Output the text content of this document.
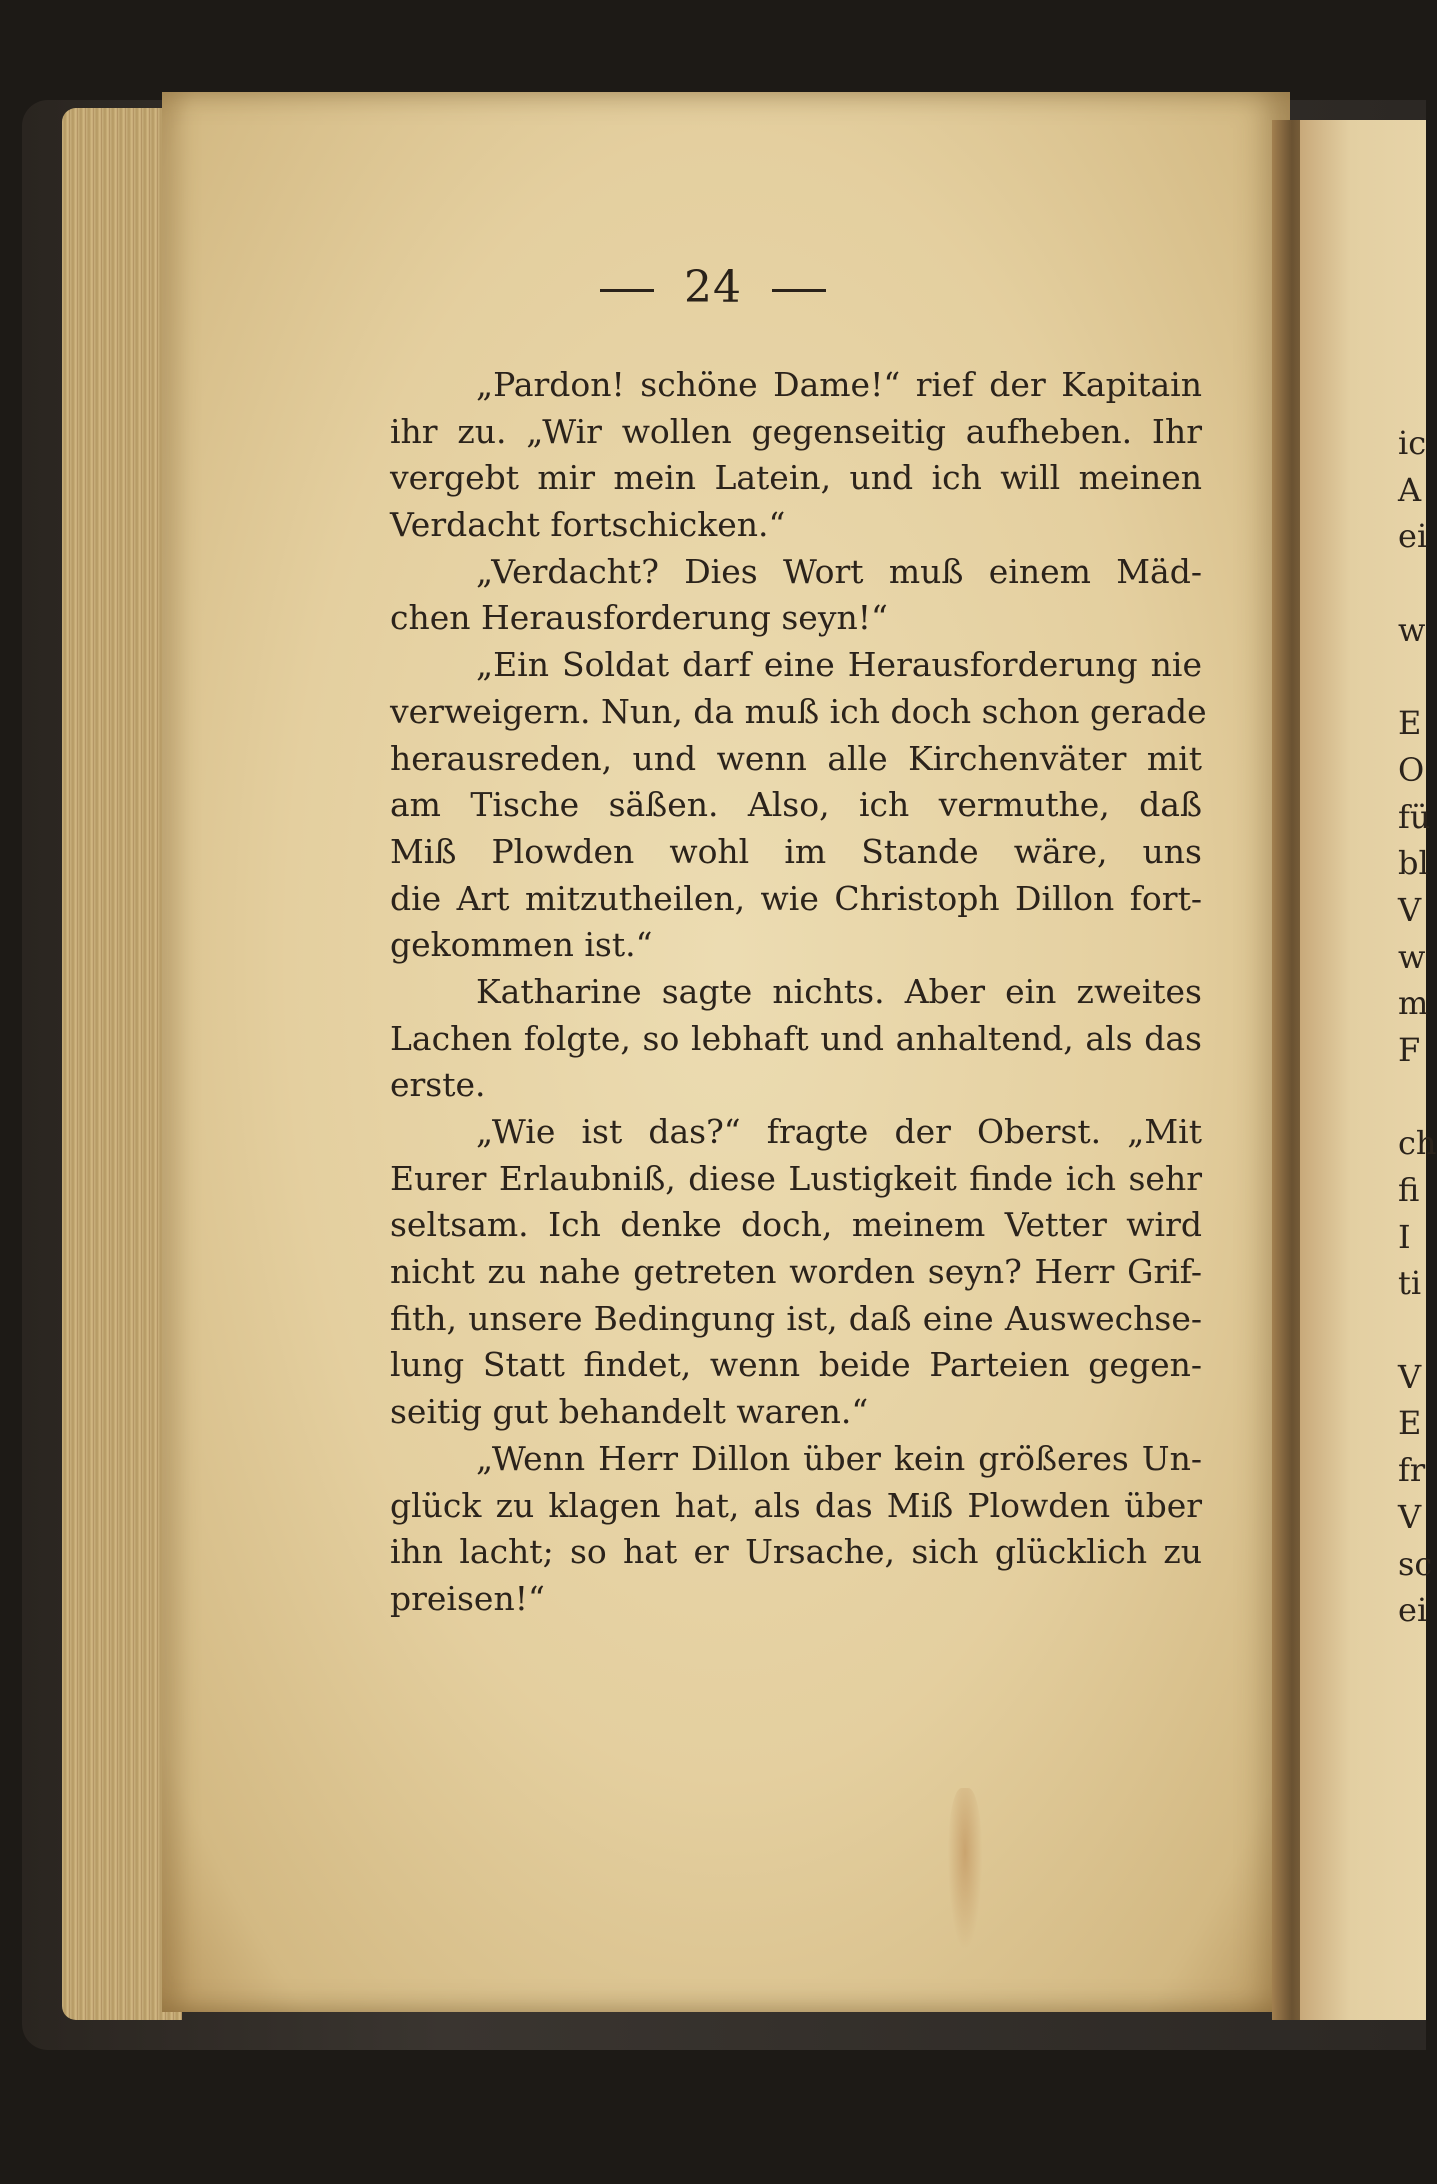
24
„Pardon! schöne Dame!“ rief der Kapitain
ihr zu. „Wir wollen gegenseitig aufheben. Ihr
vergebt mir mein Latein, und ich will meinen
Verdacht fortschicken.“
„Verdacht? Dies Wort muß einem Mäd-
chen Herausforderung seyn!“
„Ein Soldat darf eine Herausforderung nie
verweigern. Nun, da muß ich doch schon gerade
herausreden, und wenn alle Kirchenväter mit
am Tische säßen. Also, ich vermuthe, daß
Miß Plowden wohl im Stande wäre, uns
die Art mitzutheilen, wie Christoph Dillon fort-
gekommen ist.“
Katharine sagte nichts. Aber ein zweites
Lachen folgte, so lebhaft und anhaltend, als das
erste.
„Wie ist das?“ fragte der Oberst. „Mit
Eurer Erlaubniß, diese Lustigkeit finde ich sehr
seltsam. Ich denke doch, meinem Vetter wird
nicht zu nahe getreten worden seyn? Herr Grif-
fith, unsere Bedingung ist, daß eine Auswechse-
lung Statt findet, wenn beide Parteien gegen-
seitig gut behandelt waren.“
„Wenn Herr Dillon über kein größeres Un-
glück zu klagen hat, als das Miß Plowden über
ihn lacht; so hat er Ursache, sich glücklich zu
preisen!“
ic
A
ei
w
E
O
fü
bl
V
w
m
F
ch
fi
I
ti
V
E
fr
V
sc
ei
